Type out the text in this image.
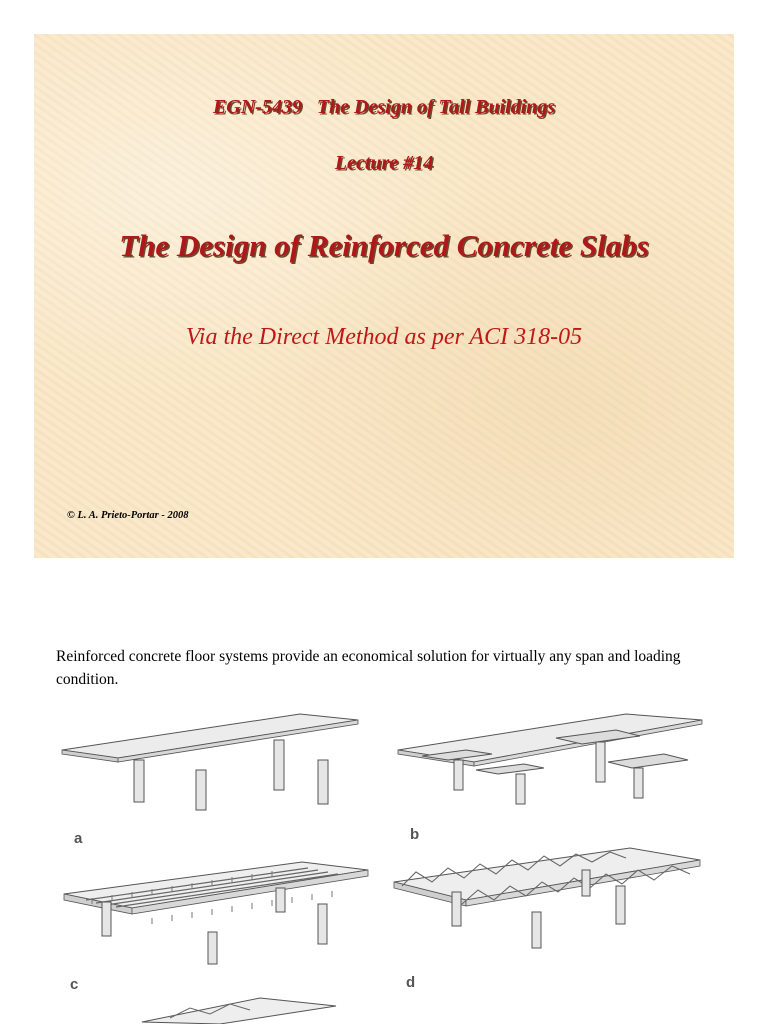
EGN-5439   The Design of Tall Buildings
Lecture #14
The Design of Reinforced Concrete Slabs
Via the Direct Method as per ACI 318-05
© L. A. Prieto-Portar - 2008
Reinforced concrete floor systems provide an economical solution for virtually any span and loading condition.
a	b
c	d
